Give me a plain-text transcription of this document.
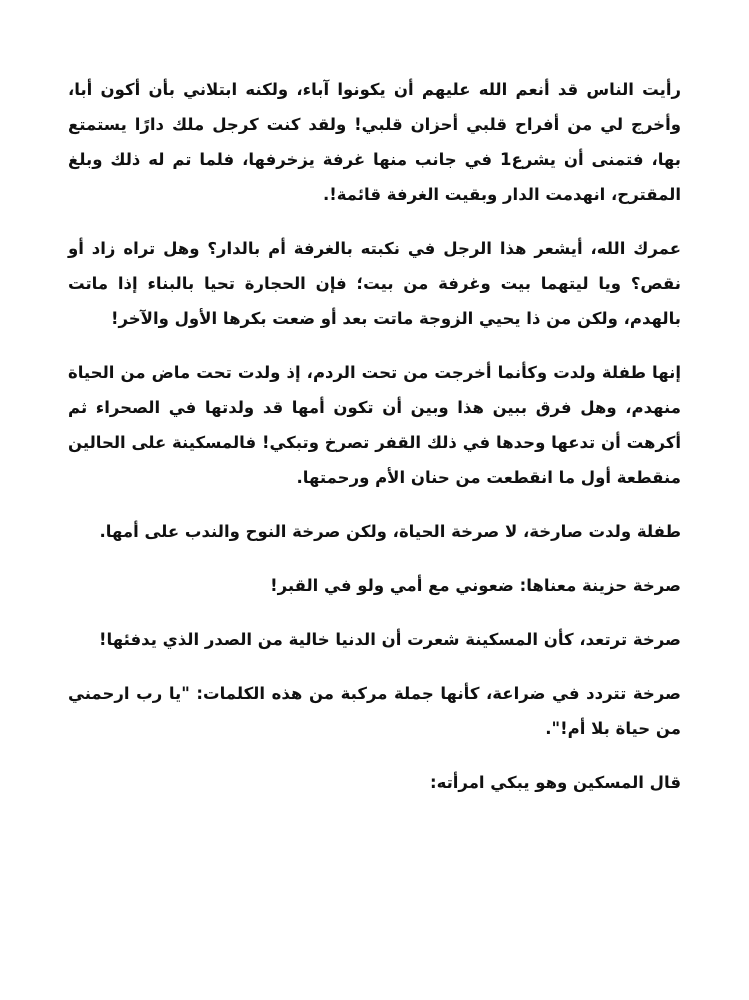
رأيت الناس قد أنعم الله عليهم أن يكونوا آباء، ولكنه ابتلاني بأن أكون أبا، وأخرج لي من أفراح قلبي أحزان قلبي! ولقد كنت كرجل ملك دارًا يستمتع بها، فتمنى أن يشرع1 في جانب منها غرفة يزخرفها، فلما تم له ذلك وبلغ المقترح، انهدمت الدار وبقيت الغرفة قائمة!.

عمرك الله، أيشعر هذا الرجل في نكبته بالغرفة أم بالدار؟ وهل تراه زاد أو نقص؟ ويا ليتهما بيت وغرفة من بيت؛ فإن الحجارة تحيا بالبناء إذا ماتت بالهدم، ولكن من ذا يحيي الزوجة ماتت بعد أو ضعت بكرها الأول والآخر!

إنها طفلة ولدت وكأنما أخرجت من تحت الردم، إذ ولدت تحت ماض من الحياة منهدم، وهل فرق ببين هذا وبين أن تكون أمها قد ولدتها في الصحراء ثم أكرهت أن تدعها وحدها في ذلك القفر تصرخ وتبكي! فالمسكينة على الحالين منقطعة أول ما انقطعت من حنان الأم ورحمتها.

طفلة ولدت صارخة، لا صرخة الحياة، ولكن صرخة النوح والندب على أمها.

صرخة حزينة معناها: ضعوني مع أمي ولو في القبر!

صرخة ترتعد، كأن المسكينة شعرت أن الدنيا خالية من الصدر الذي يدفئها!

صرخة تتردد في ضراعة، كأنها جملة مركبة من هذه الكلمات: "يا رب ارحمني من حياة بلا أم!".

قال المسكين وهو يبكي امرأته:
